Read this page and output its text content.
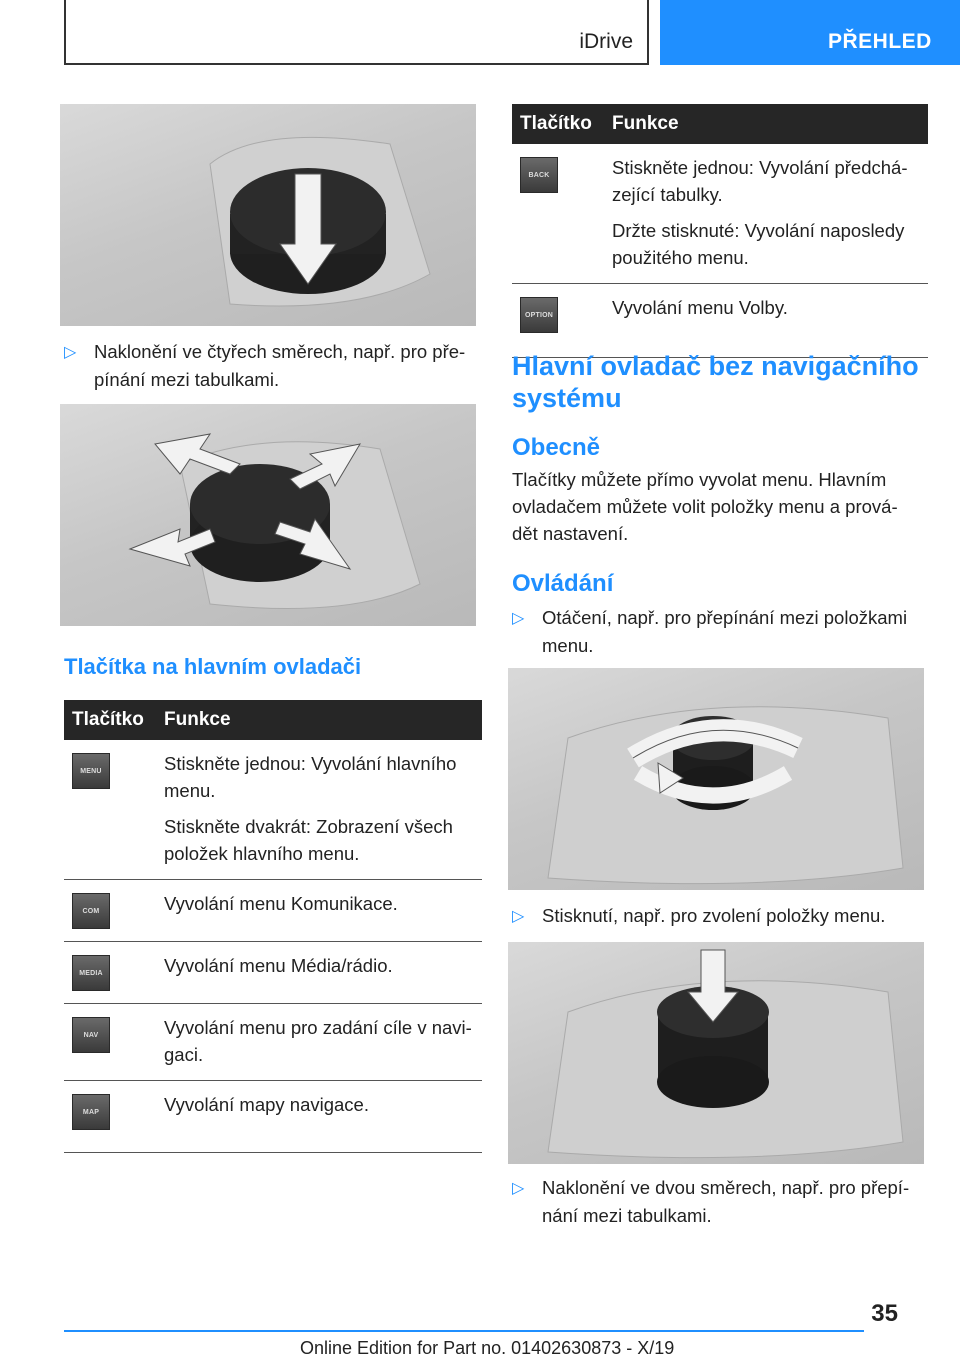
iDrive	PŘEHLED
▷ Naklonění ve čtyřech směrech, např. pro pře‐pínání mezi tabulkami.
Tlačítka na hlavním ovladači
Tlačítko	Funkce

MENU	Stiskněte jednou: Vyvolání hlavního menu.

Stiskněte dvakrát: Zobrazení všech položek hlavního menu.

COM	Vyvolání menu Komunikace.

MEDIA	Vyvolání menu Média/rádio.

NAV	Vyvolání menu pro zadání cíle v navi‐gaci.

MAP	Vyvolání mapy navigace.

Tlačítko	Funkce

BACK	Stiskněte jednou: Vyvolání předchá‐zející tabulky.

Držte stisknuté: Vyvolání naposledy použitého menu.

OPTION	Vyvolání menu Volby.

Hlavní ovladač bez navigačního systému
Obecně
Tlačítky můžete přímo vyvolat menu. Hlavním ovladačem můžete volit položky menu a prová‐dět nastavení.
Ovládání
▷ Otáčení, např. pro přepínání mezi položkami menu.
▷ Stisknutí, např. pro zvolení položky menu.
▷ Naklonění ve dvou směrech, např. pro přepí‐nání mezi tabulkami.
35
Online Edition for Part no. 01402630873 - X/19
